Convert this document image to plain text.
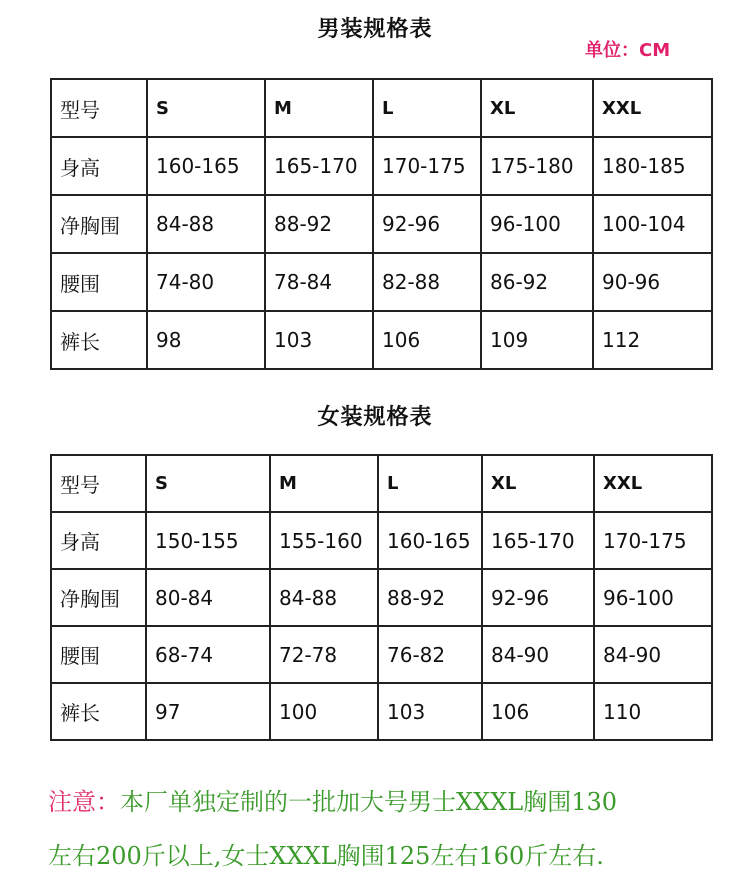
男装规格表
单位：CM
型号	S	M	L	XL	XXL
身高	160-165	165-170	170-175	175-180	180-185
净胸围	84-88	88-92	92-96	96-100	100-104
腰围	74-80	78-84	82-88	86-92	90-96
裤长	98	103	106	109	112
女装规格表
型号	S	M	L	XL	XXL
身高	150-155	155-160	160-165	165-170	170-175
净胸围	80-84	84-88	88-92	92-96	96-100
腰围	68-74	72-78	76-82	84-90	84-90
裤长	97	100	103	106	110
注意：本厂单独定制的一批加大号男士XXXL胸围130
左右200斤以上,女士XXXL胸围125左右160斤左右.
